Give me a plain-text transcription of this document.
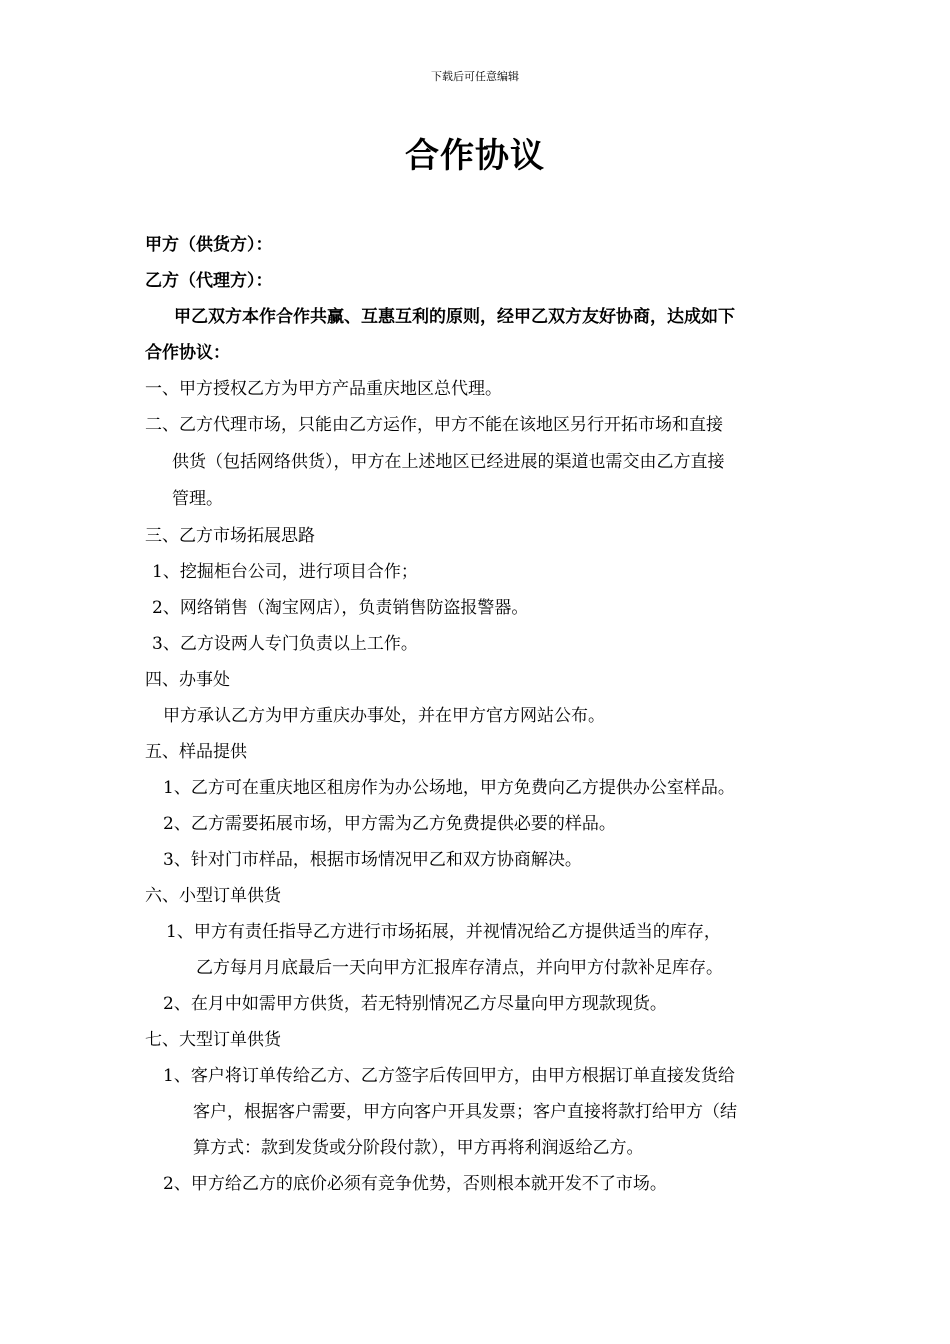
下载后可任意编辑
合作协议
甲方（供货方）：
乙方（代理方）：
甲乙双方本作合作共赢、互惠互利的原则，经甲乙双方友好协商，达成如下
合作协议：
一、甲方授权乙方为甲方产品重庆地区总代理。
二、乙方代理市场，只能由乙方运作，甲方不能在该地区另行开拓市场和直接
供货（包括网络供货），甲方在上述地区已经进展的渠道也需交由乙方直接
管理。
三、乙方市场拓展思路
1、挖掘柜台公司，进行项目合作；
2、网络销售（淘宝网店），负责销售防盗报警器。
3、乙方设两人专门负责以上工作。
四、办事处
甲方承认乙方为甲方重庆办事处，并在甲方官方网站公布。
五、样品提供
1、乙方可在重庆地区租房作为办公场地，甲方免费向乙方提供办公室样品。
2、乙方需要拓展市场，甲方需为乙方免费提供必要的样品。
3、针对门市样品，根据市场情况甲乙和双方协商解决。
六、小型订单供货
1、甲方有责任指导乙方进行市场拓展，并视情况给乙方提供适当的库存，
乙方每月月底最后一天向甲方汇报库存清点，并向甲方付款补足库存。
2、在月中如需甲方供货，若无特别情况乙方尽量向甲方现款现货。
七、大型订单供货
1、客户将订单传给乙方、乙方签字后传回甲方，由甲方根据订单直接发货给
客户，根据客户需要，甲方向客户开具发票；客户直接将款打给甲方（结
算方式：款到发货或分阶段付款），甲方再将利润返给乙方。
2、甲方给乙方的底价必须有竞争优势，否则根本就开发不了市场。
